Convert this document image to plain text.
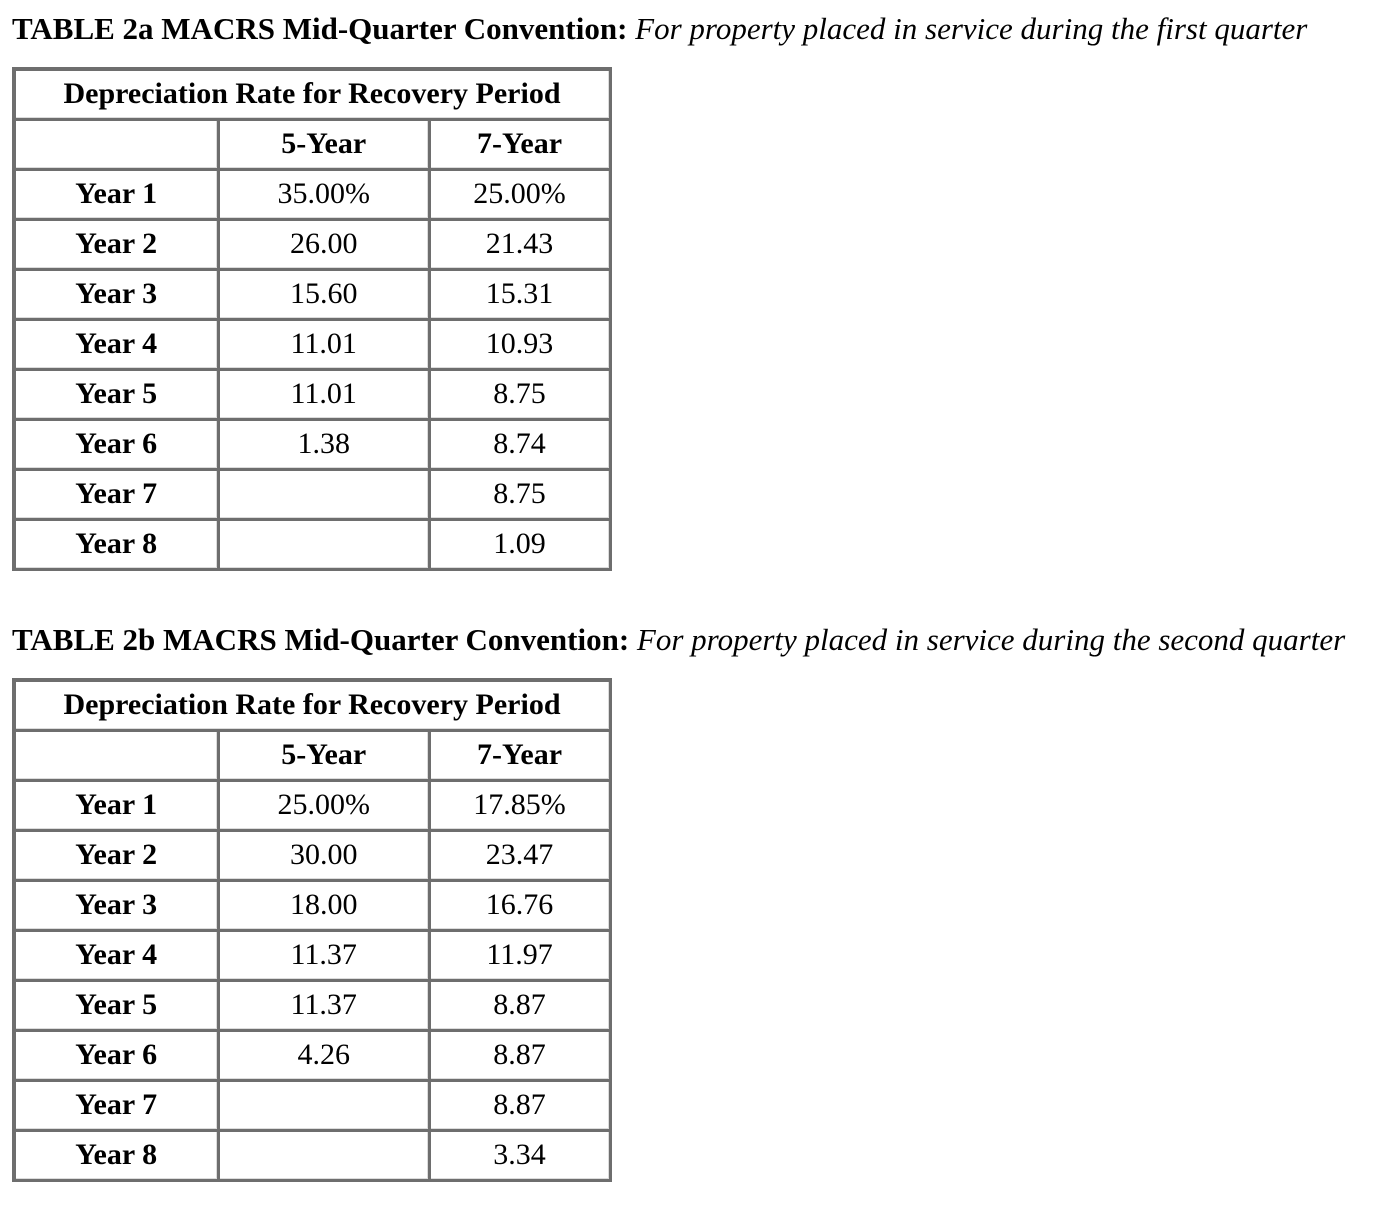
TABLE 2a MACRS Mid-Quarter Convention: For property placed in service during the first quarter

Depreciation Rate for Recovery Period		
	5-Year	7-Year
Year 1	35.00%	25.00%
Year 2	26.00	21.43
Year 3	15.60	15.31
Year 4	11.01	10.93
Year 5	11.01	8.75
Year 6	1.38	8.74
Year 7		8.75
Year 8		1.09

TABLE 2b MACRS Mid-Quarter Convention: For property placed in service during the second quarter

Depreciation Rate for Recovery Period		
	5-Year	7-Year
Year 1	25.00%	17.85%
Year 2	30.00	23.47
Year 3	18.00	16.76
Year 4	11.37	11.97
Year 5	11.37	8.87
Year 6	4.26	8.87
Year 7		8.87
Year 8		3.34
